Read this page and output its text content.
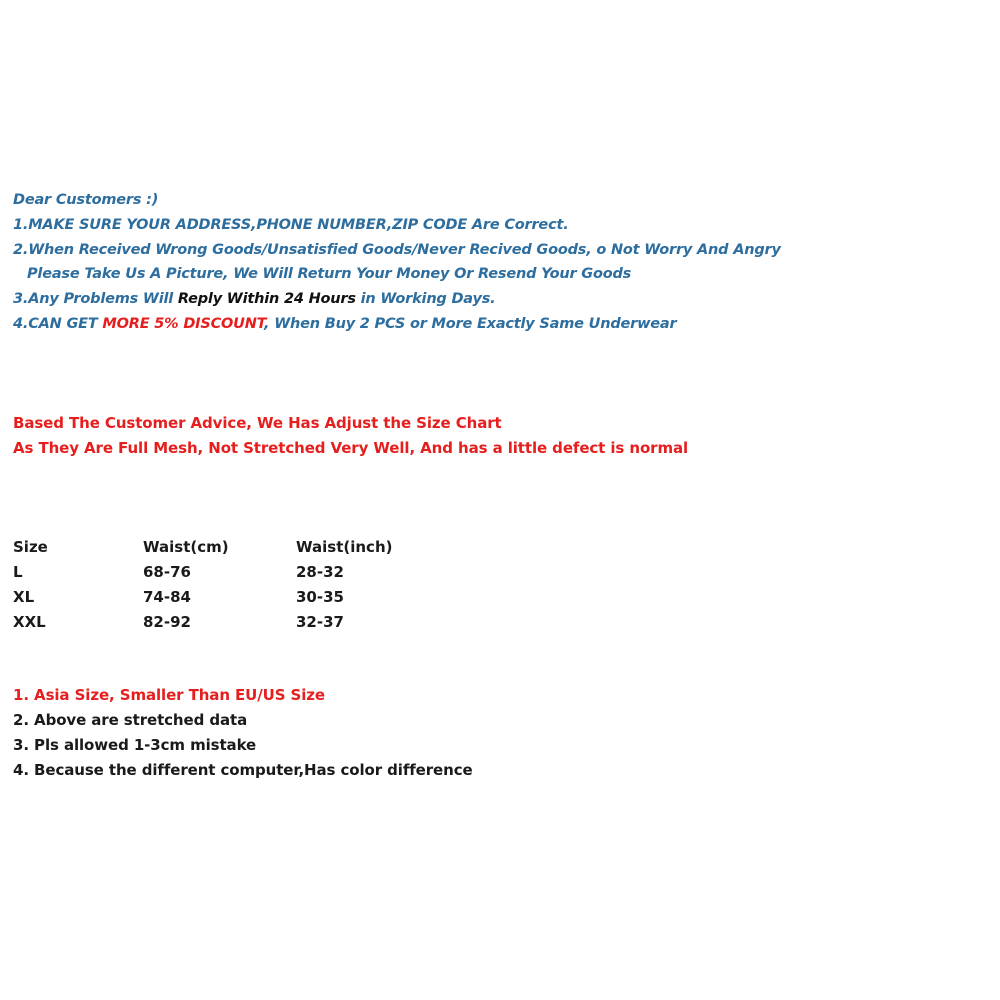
Dear Customers :)

1.MAKE SURE YOUR ADDRESS,PHONE NUMBER,ZIP CODE Are Correct.

2.When Received Wrong Goods/Unsatisfied Goods/Never Recived Goods, o Not Worry And Angry

Please Take Us A Picture, We Will Return Your Money Or Resend Your Goods

3.Any Problems Will Reply Within 24 Hours in Working Days.

4.CAN GET MORE 5% DISCOUNT, When Buy 2 PCS or More Exactly Same Underwear

Based The Customer Advice, We Has Adjust the Size Chart

As They Are Full Mesh, Not Stretched Very Well, And has a little defect is normal

Size	Waist(cm)	Waist(inch)
L	68-76	28-32
XL	74-84	30-35
XXL	82-92	32-37

1. Asia Size, Smaller Than EU/US Size

2. Above are stretched data

3. Pls allowed 1-3cm mistake

4. Because the different computer,Has color difference
